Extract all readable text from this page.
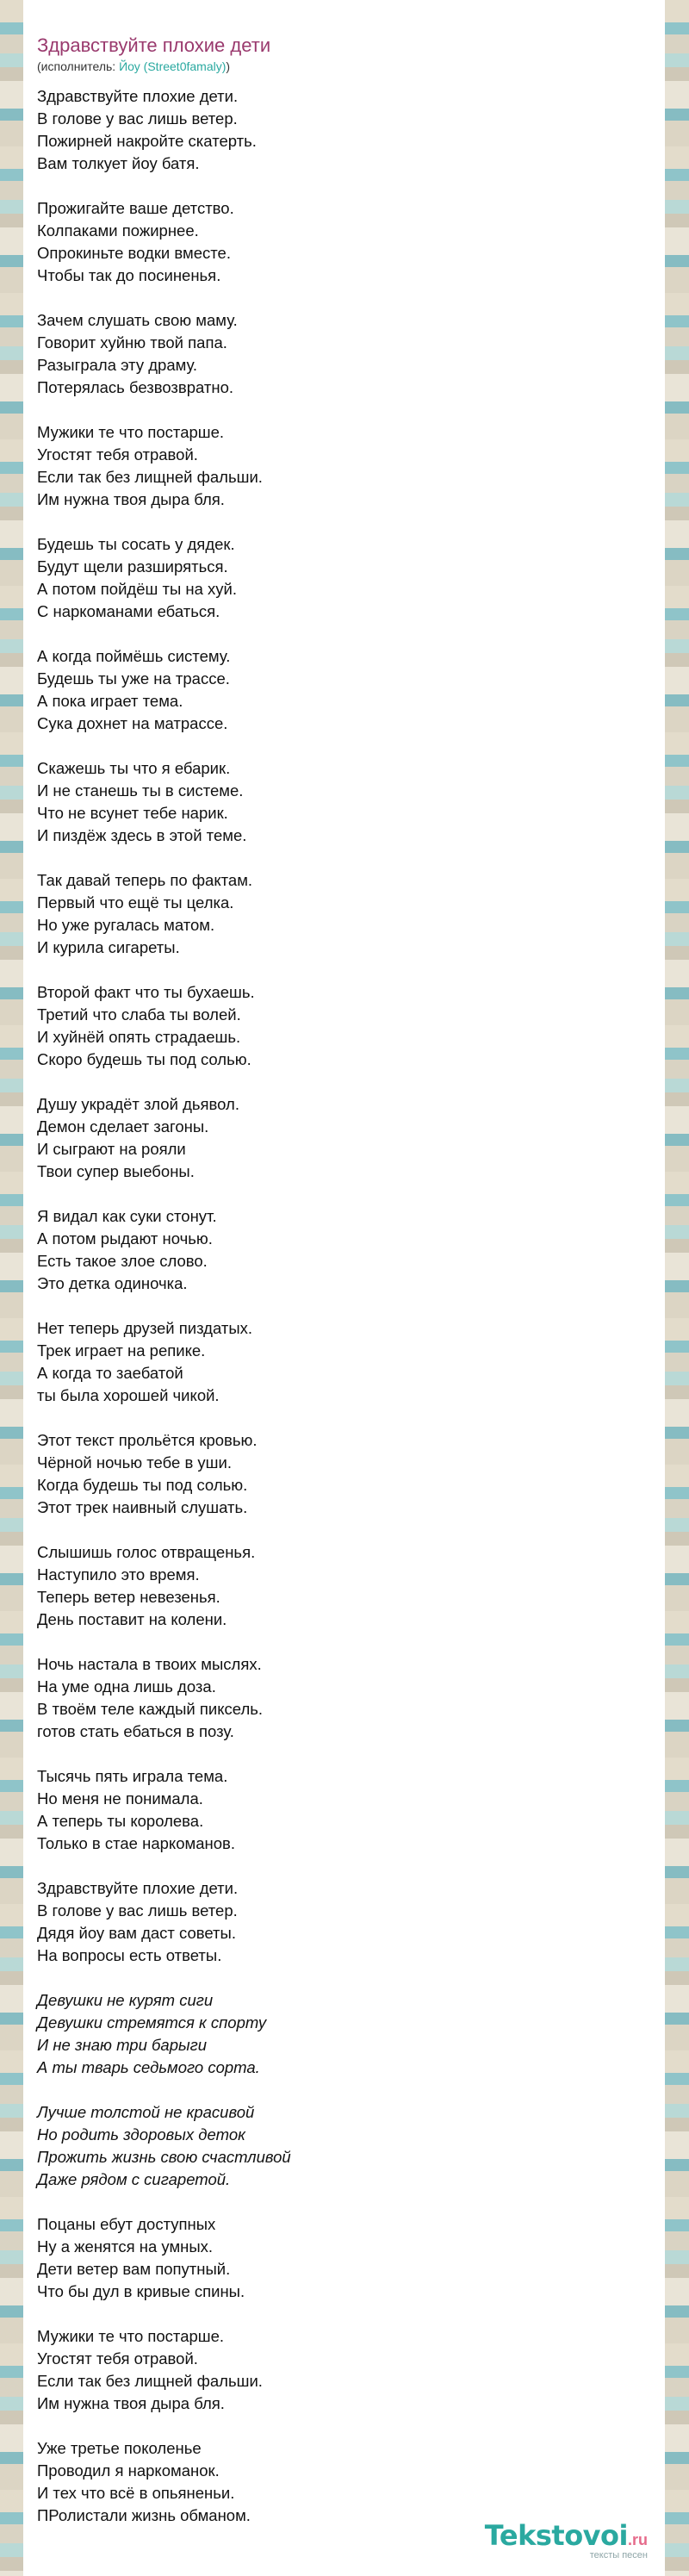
Здравствуйте плохие дети
(исполнитель: Йоу (Street0famaly))
Здравствуйте плохие дети.
В голове у вас лишь ветер.
Пожирней накройте скатерть.
Вам толкует йоу батя.
Прожигайте ваше детство.
Колпаками пожирнее.
Опрокиньте водки вместе.
Чтобы так до посиненья.
Зачем слушать свою маму.
Говорит хуйню твой папа.
Разыграла эту драму.
Потерялась безвозвратно.
Мужики те что постарше.
Угостят тебя отравой.
Если так без лищней фальши.
Им нужна твоя дыра бля.
Будешь ты сосать у дядек.
Будут щели разширяться.
А потом пойдёш ты на хуй.
С наркоманами ебаться.
А когда поймёшь систему.
Будешь ты уже на трассе.
А пока играет тема.
Сука дохнет на матрассе.
Скажешь ты что я ебарик.
И не станешь ты в системе.
Что не всунет тебе нарик.
И пиздёж здесь в этой теме.
Так давай теперь по фактам.
Первый что ещё ты целка.
Но уже ругалась матом.
И курила сигареты.
Второй факт что ты бухаешь.
Третий что слаба ты волей.
И хуйнёй опять страдаешь.
Скоро будешь ты под солью.
Душу украдёт злой дьявол.
Демон сделает загоны.
И сыграют на рояли
Твои супер выебоны.
Я видал как суки стонут.
А потом рыдают ночью.
Есть такое злое слово.
Это детка одиночка.
Нет теперь друзей пиздатых.
Трек играет на репике.
А когда то заебатой
ты была хорошей чикой.
Этот текст прольётся кровью.
Чёрной ночью тебе в уши.
Когда будешь ты под солью.
Этот трек наивный слушать.
Слышишь голос отвращенья.
Наступило это время.
Теперь ветер невезенья.
День поставит на колени.
Ночь настала в твоих мыслях.
На уме одна лишь доза.
В твоём теле каждый пиксель.
готов стать ебаться в позу.
Тысячь пять играла тема.
Но меня не понимала.
А теперь ты королева.
Только в стае наркоманов.
Здравствуйте плохие дети.
В голове у вас лишь ветер.
Дядя йоу вам даст советы.
На вопросы есть ответы.
Девушки не курят сиги
Девушки стремятся к спорту
И не знаю три барыги
А ты тварь седьмого сорта.
Лучше толстой не красивой
Но родить здоровых деток
Прожить жизнь свою счастливой
Даже рядом с сигаретой.
Поцаны ебут доступных
Ну а женятся на умных.
Дети ветер вам попутный.
Что бы дул в кривые спины.
Мужики те что постарше.
Угостят тебя отравой.
Если так без лищней фальши.
Им нужна твоя дыра бля.
Уже третье поколенье
Проводил я наркоманок.
И тех что всё в опьяненьи.
ПРолистали жизнь обманом.
Tekstovoi.ru
тексты песен
